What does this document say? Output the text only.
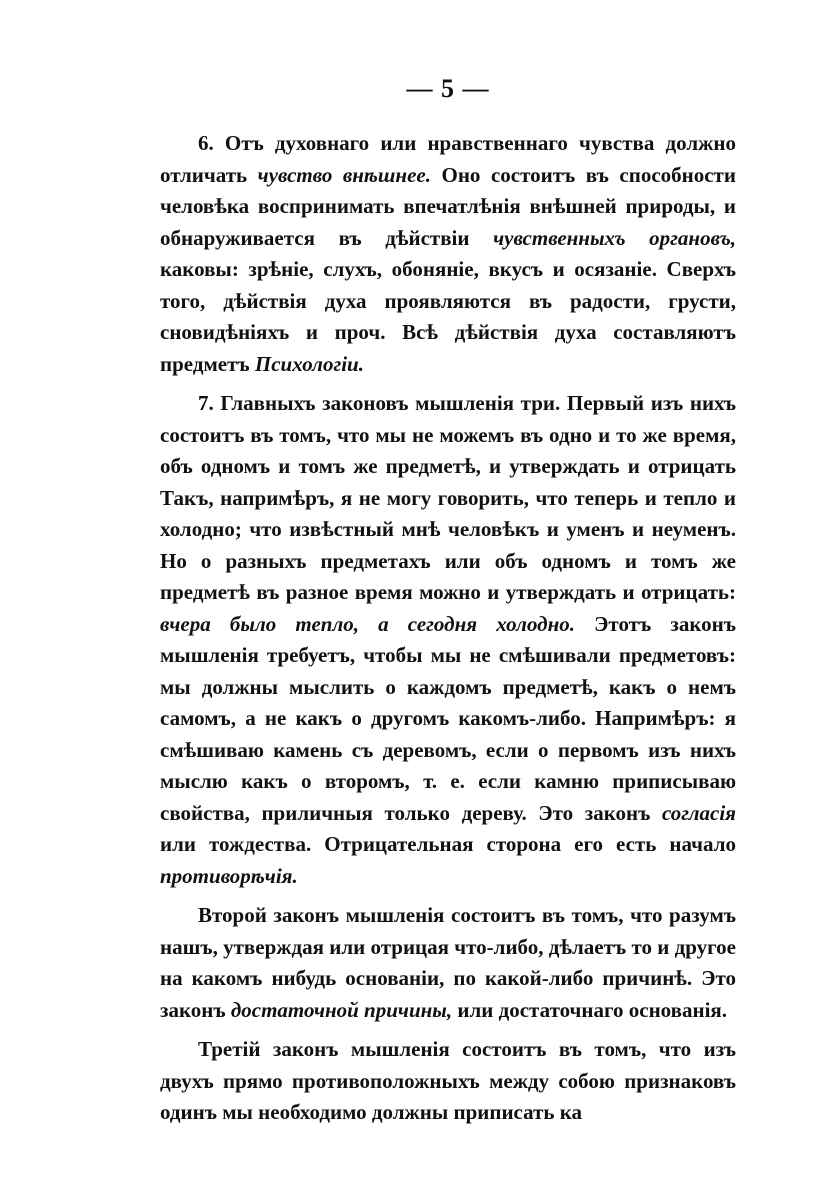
— 5 —

6. Отъ духовнаго или нравственнаго чувства должно отличать чувство внѣшнее. Оно состоитъ въ способности человѣка воспринимать впечатлѣнія внѣшней природы, и обнаруживается въ дѣйствіи чувственныхъ органовъ, каковы: зрѣніе, слухъ, обоняніе, вкусъ и осязаніе. Сверхъ того, дѣйствія духа проявляются въ радости, грусти, сновидѣніяхъ и проч. Всѣ дѣйствія духа составляютъ предметъ Психологіи.

7. Главныхъ законовъ мышленія три. Первый изъ нихъ состоитъ въ томъ, что мы не можемъ въ одно и то же время, объ одномъ и томъ же предметѣ, и утверждать и отрицать Такъ, напримѣръ, я не могу говорить, что теперь и тепло и холодно; что извѣстный мнѣ человѣкъ и уменъ и неуменъ. Но о разныхъ предметахъ или объ одномъ и томъ же предметѣ въ разное время можно и утверждать и отрицать: вчера было тепло, а сегодня холодно. Этотъ законъ мышленія требуетъ, чтобы мы не смѣшивали предметовъ: мы должны мыслить о каждомъ предметѣ, какъ о немъ самомъ, а не какъ о другомъ какомъ-либо. Напримѣръ: я смѣшиваю камень съ деревомъ, если о первомъ изъ нихъ мыслю какъ о второмъ, т. е. если камню приписываю свойства, приличныя только дереву. Это законъ согласія или тождества. Отрицательная сторона его есть начало противорѣчія.

Второй законъ мышленія состоитъ въ томъ, что разумъ нашъ, утверждая или отрицая что-либо, дѣлаетъ то и другое на какомъ нибудь основаніи, по какой-либо причинѣ. Это законъ достаточной причины, или достаточнаго основанія.

Третій законъ мышленія состоитъ въ томъ, что изъ двухъ прямо противоположныхъ между собою признаковъ одинъ мы необходимо должны приписать ка
